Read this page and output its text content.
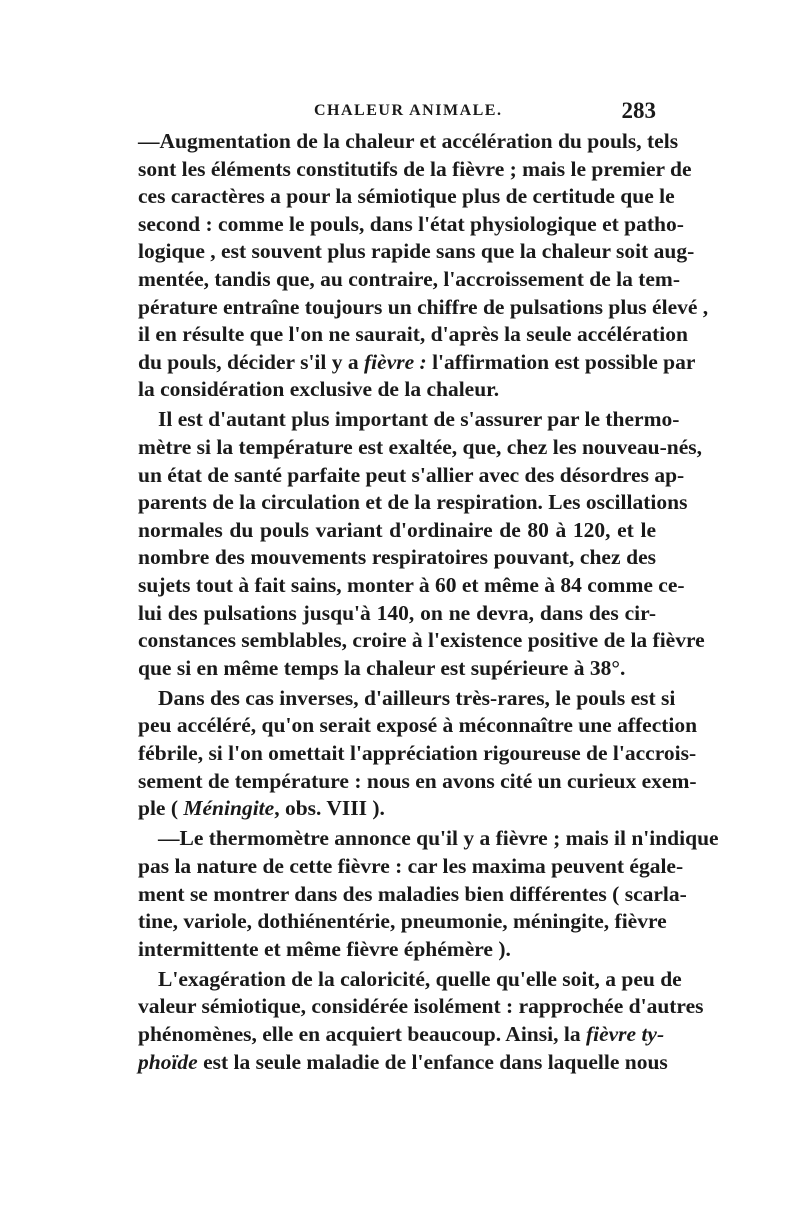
CHALEUR ANIMALE.	283
—Augmentation de la chaleur et accélération du pouls, tels
sont les éléments constitutifs de la fièvre ; mais le premier de
ces caractères a pour la sémiotique plus de certitude que le
second : comme le pouls, dans l'état physiologique et patho-
logique , est souvent plus rapide sans que la chaleur soit aug-
mentée, tandis que, au contraire, l'accroissement de la tem-
pérature entraîne toujours un chiffre de pulsations plus élevé ,
il en résulte que l'on ne saurait, d'après la seule accélération
du pouls, décider s'il y a fièvre : l'affirmation est possible par
la considération exclusive de la chaleur.
Il est d'autant plus important de s'assurer par le thermo-
mètre si la température est exaltée, que, chez les nouveau-nés,
un état de santé parfaite peut s'allier avec des désordres ap-
parents de la circulation et de la respiration. Les oscillations
normales du pouls variant d'ordinaire de 80 à 120, et le
nombre des mouvements respiratoires pouvant, chez des
sujets tout à fait sains, monter à 60 et même à 84 comme ce-
lui des pulsations jusqu'à 140, on ne devra, dans des cir-
constances semblables, croire à l'existence positive de la fièvre
que si en même temps la chaleur est supérieure à 38°.
Dans des cas inverses, d'ailleurs très-rares, le pouls est si
peu accéléré, qu'on serait exposé à méconnaître une affection
fébrile, si l'on omettait l'appréciation rigoureuse de l'accrois-
sement de température : nous en avons cité un curieux exem-
ple ( Méningite, obs. VIII ).
—Le thermomètre annonce qu'il y a fièvre ; mais il n'indique
pas la nature de cette fièvre : car les maxima peuvent égale-
ment se montrer dans des maladies bien différentes ( scarla-
tine, variole, dothiénentérie, pneumonie, méningite, fièvre
intermittente et même fièvre éphémère ).
L'exagération de la caloricité, quelle qu'elle soit, a peu de
valeur sémiotique, considérée isolément : rapprochée d'autres
phénomènes, elle en acquiert beaucoup. Ainsi, la fièvre ty-
phoïde est la seule maladie de l'enfance dans laquelle nous
